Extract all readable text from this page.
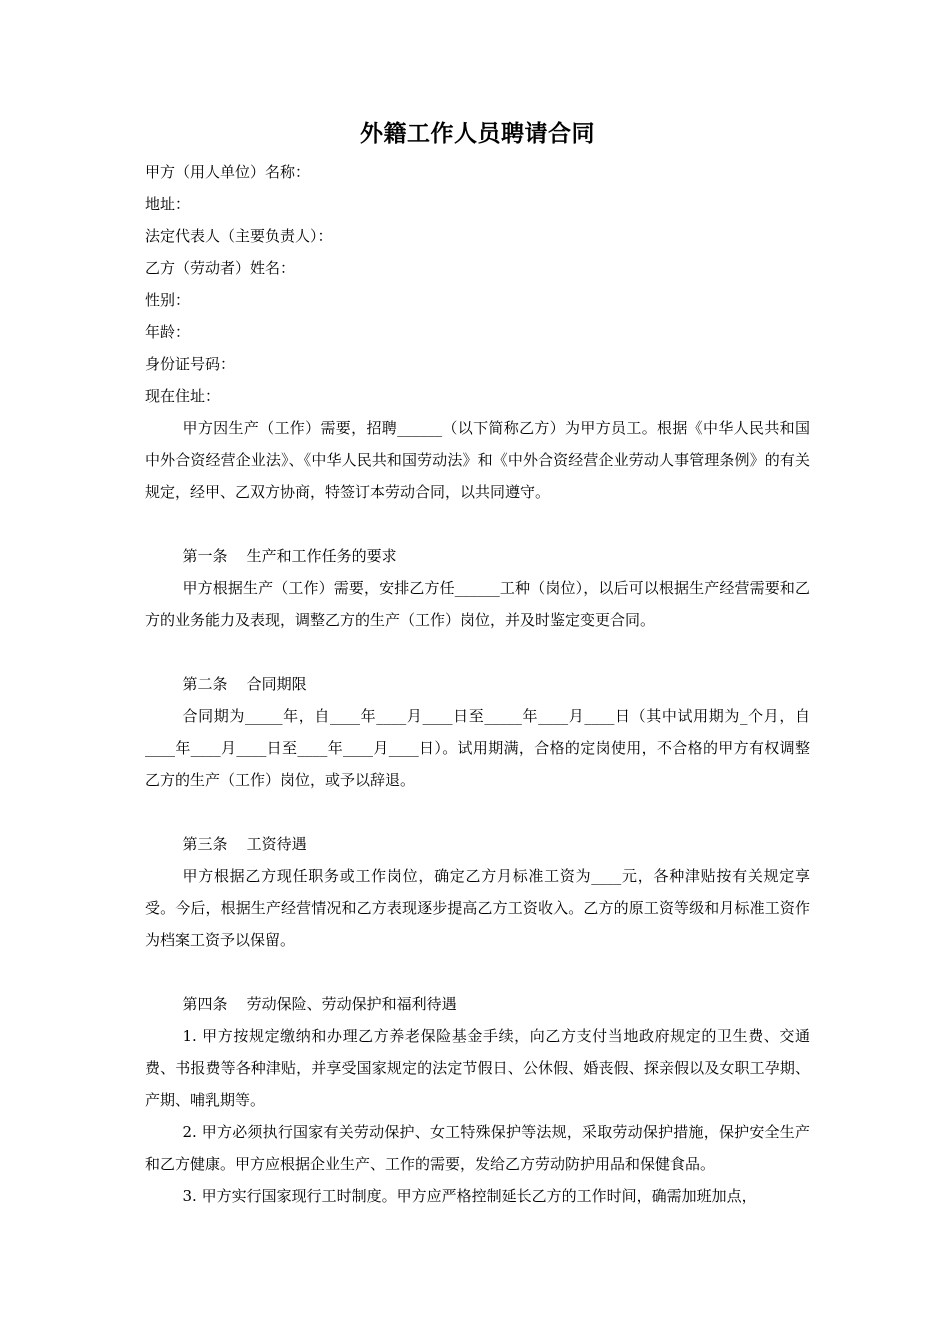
外籍工作人员聘请合同

甲方（用人单位）名称：

地址：

法定代表人（主要负责人）：

乙方（劳动者）姓名：

性别：

年龄：

身份证号码：

现在住址：

甲方因生产（工作）需要，招聘______（以下简称乙方）为甲方员工。根据《中华人民共和国中外合资经营企业法》、《中华人民共和国劳动法》和《中外合资经营企业劳动人事管理条例》的有关规定，经甲、乙双方协商，特签订本劳动合同，以共同遵守。

第一条    生产和工作任务的要求

甲方根据生产（工作）需要，安排乙方任______工种（岗位），以后可以根据生产经营需要和乙方的业务能力及表现，调整乙方的生产（工作）岗位，并及时鉴定变更合同。

第二条    合同期限

合同期为_____年，自____年____月____日至_____年____月____日（其中试用期为_个月，自____年____月____日至____年____月____日）。试用期满，合格的定岗使用，不合格的甲方有权调整乙方的生产（工作）岗位，或予以辞退。

第三条    工资待遇

甲方根据乙方现任职务或工作岗位，确定乙方月标准工资为____元，各种津贴按有关规定享受。今后，根据生产经营情况和乙方表现逐步提高乙方工资收入。乙方的原工资等级和月标准工资作为档案工资予以保留。

第四条    劳动保险、劳动保护和福利待遇

1. 甲方按规定缴纳和办理乙方养老保险基金手续，向乙方支付当地政府规定的卫生费、交通费、书报费等各种津贴，并享受国家规定的法定节假日、公休假、婚丧假、探亲假以及女职工孕期、产期、哺乳期等。

2. 甲方必须执行国家有关劳动保护、女工特殊保护等法规，采取劳动保护措施，保护安全生产和乙方健康。甲方应根据企业生产、工作的需要，发给乙方劳动防护用品和保健食品。

3. 甲方实行国家现行工时制度。甲方应严格控制延长乙方的工作时间，确需加班加点，
